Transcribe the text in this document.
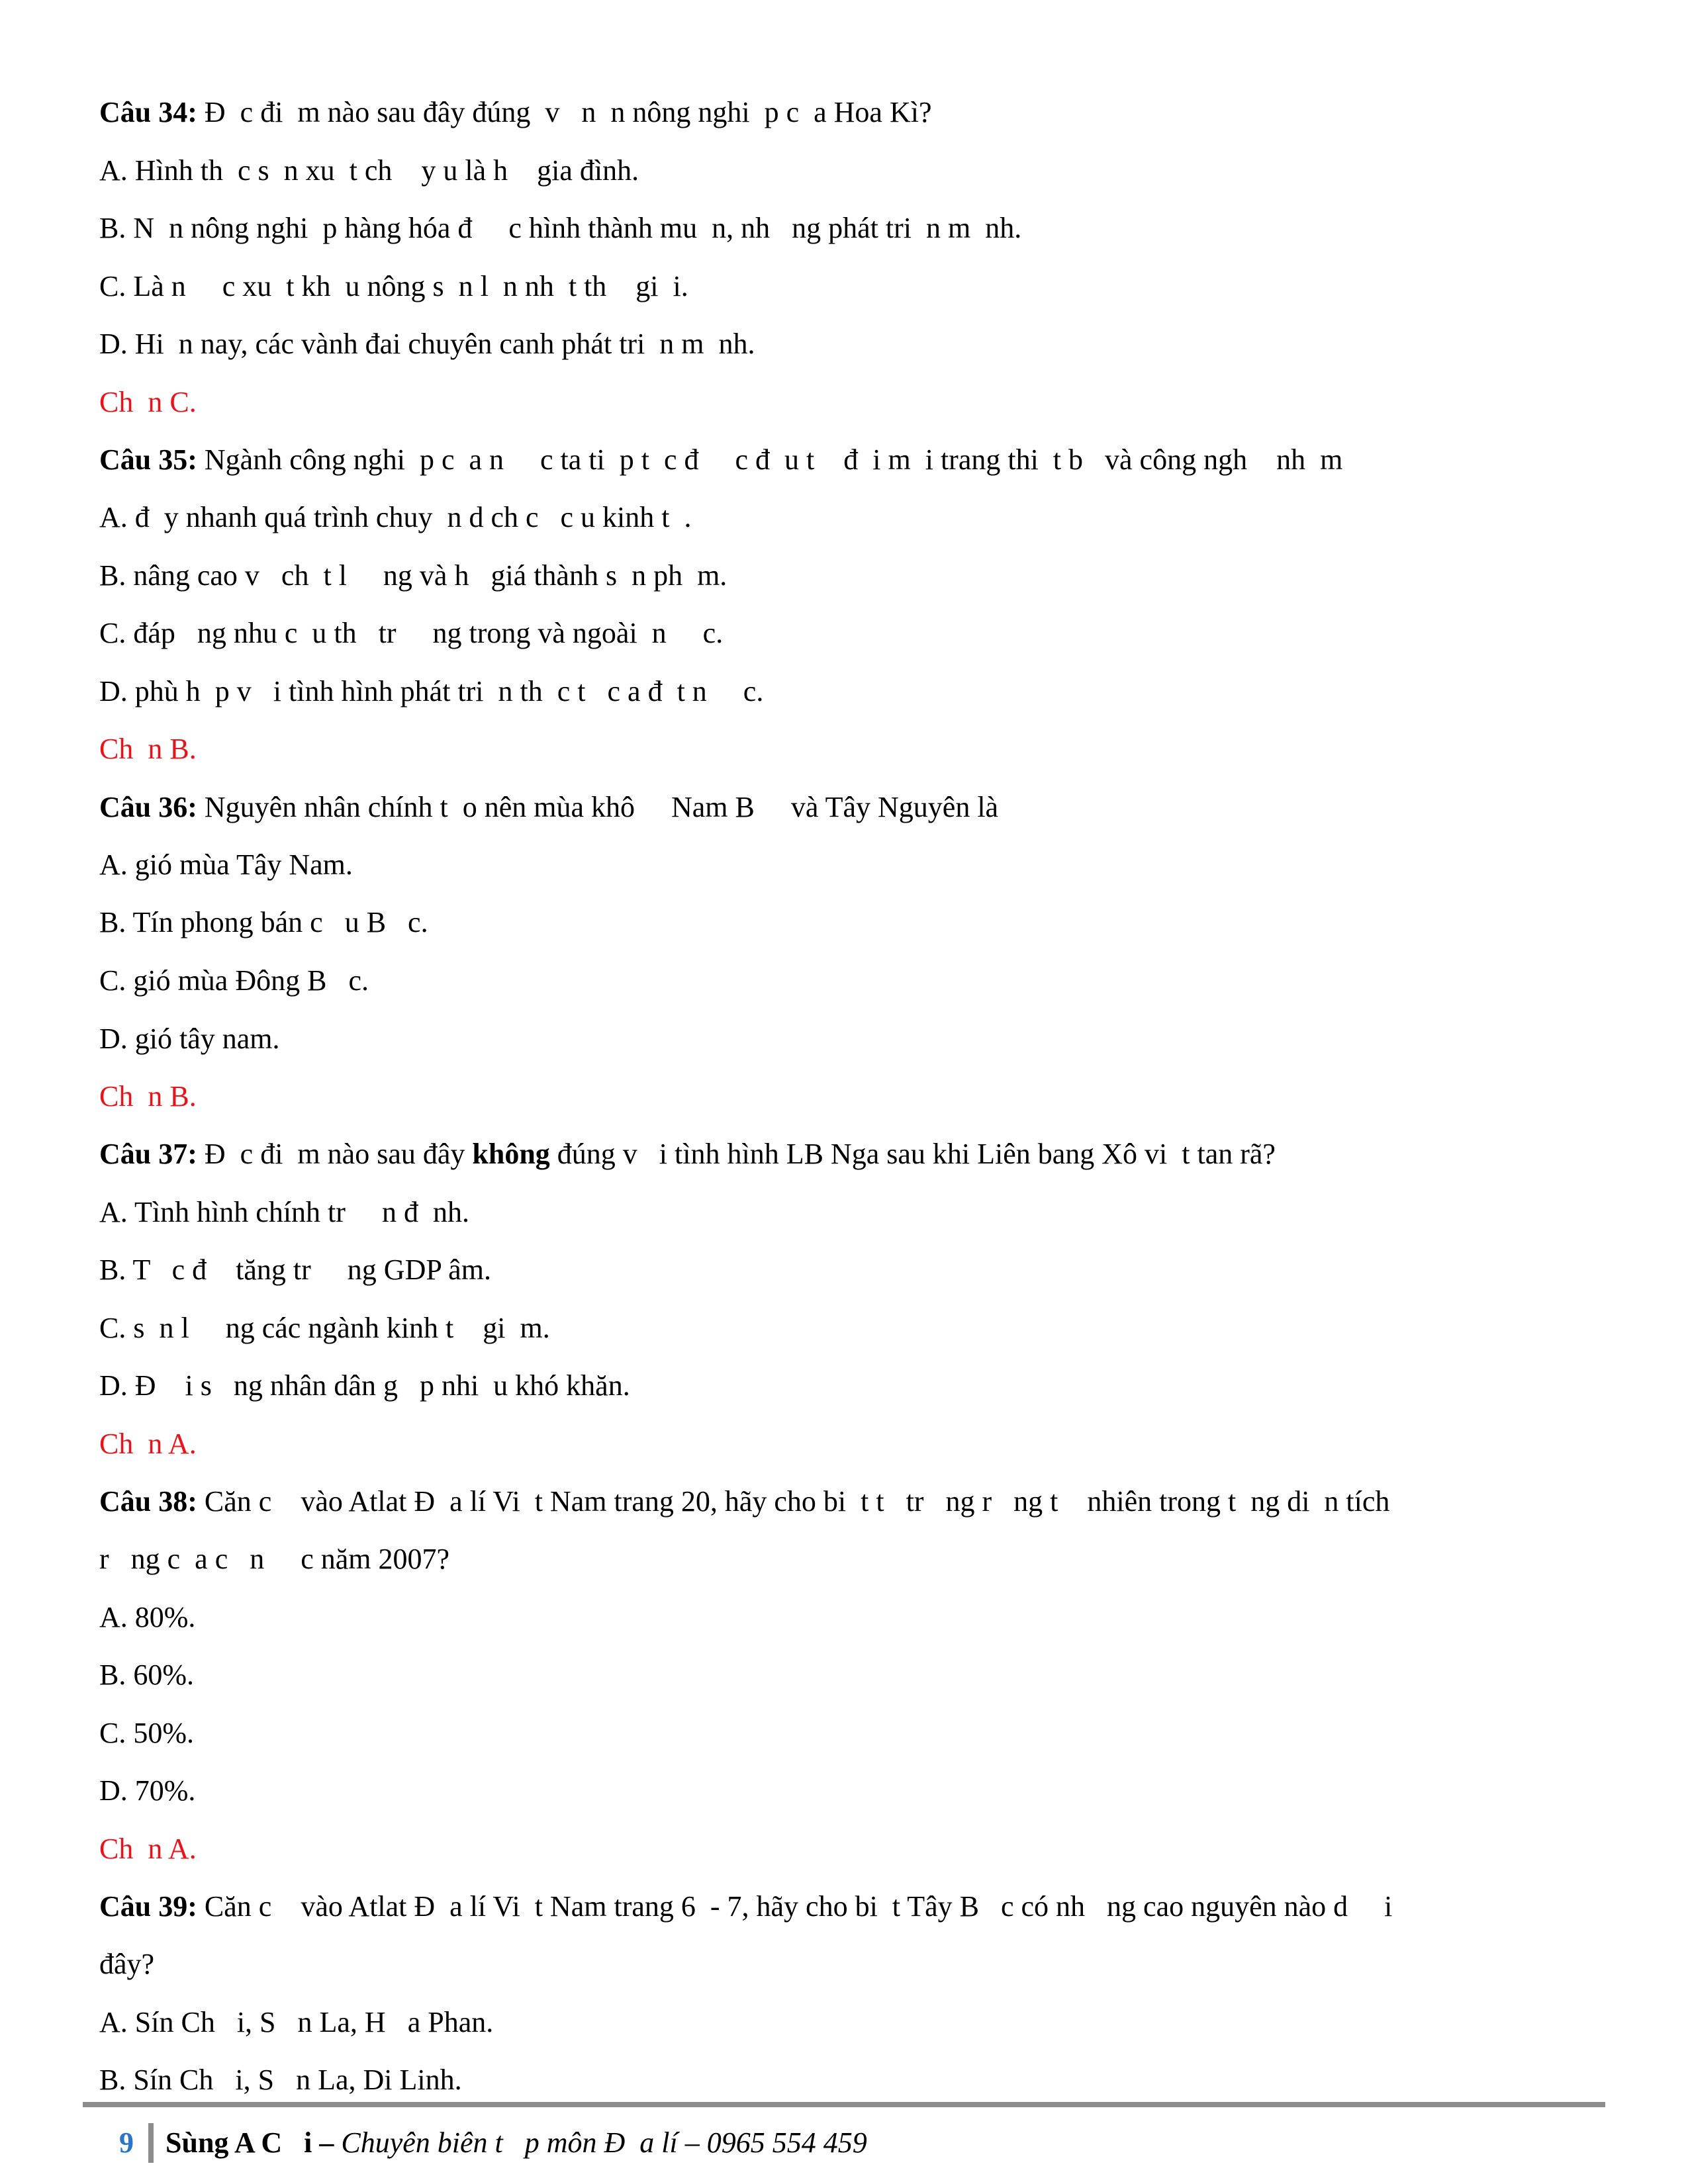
Câu 34: Đ  c đi  m nào sau đây đúng  v   n  n nông nghi  p c  a Hoa Kì?
A. Hình th  c s  n xu  t ch    y u là h    gia đình.
B. N  n nông nghi  p hàng hóa đ     c hình thành mu  n, nh   ng phát tri  n m  nh.
C. Là n     c xu  t kh  u nông s  n l  n nh  t th    gi  i.
D. Hi  n nay, các vành đai chuyên canh phát tri  n m  nh.
Ch  n C.
Câu 35: Ngành công nghi  p c  a n     c ta ti  p t  c đ     c đ  u t    đ  i m  i trang thi  t b   và công ngh    nh  m
A. đ  y nhanh quá trình chuy  n d ch c   c u kinh t  .
B. nâng cao v   ch  t l     ng và h   giá thành s  n ph  m.
C. đáp   ng nhu c  u th   tr     ng trong và ngoài  n     c.
D. phù h  p v   i tình hình phát tri  n th  c t   c a đ  t n     c.
Ch  n B.
Câu 36: Nguyên nhân chính t  o nên mùa khô     Nam B     và Tây Nguyên là
A. gió mùa Tây Nam.
B. Tín phong bán c   u B   c.
C. gió mùa Đông B   c.
D. gió tây nam.
Ch  n B.
Câu 37: Đ  c đi  m nào sau đây không đúng v   i tình hình LB Nga sau khi Liên bang Xô vi  t tan rã?
A. Tình hình chính tr     n đ  nh.
B. T   c đ    tăng tr     ng GDP âm.
C. s  n l     ng các ngành kinh t    gi  m.
D. Đ    i s   ng nhân dân g   p nhi  u khó khăn.
Ch  n A.
Câu 38: Căn c    vào Atlat Đ  a lí Vi  t Nam trang 20, hãy cho bi  t t   tr   ng r   ng t    nhiên trong t  ng di  n tích
r   ng c  a c   n     c năm 2007?
A. 80%.
B. 60%.
C. 50%.
D. 70%.
Ch  n A.
Câu 39: Căn c    vào Atlat Đ  a lí Vi  t Nam trang 6  - 7, hãy cho bi  t Tây B   c có nh   ng cao nguyên nào d     i
đây?
A. Sín Ch   i, S   n La, H   a Phan.
B. Sín Ch   i, S   n La, Di Linh.
9 Sùng A C   i – Chuyên biên t   p môn Đ  a lí – 0965 554 459
